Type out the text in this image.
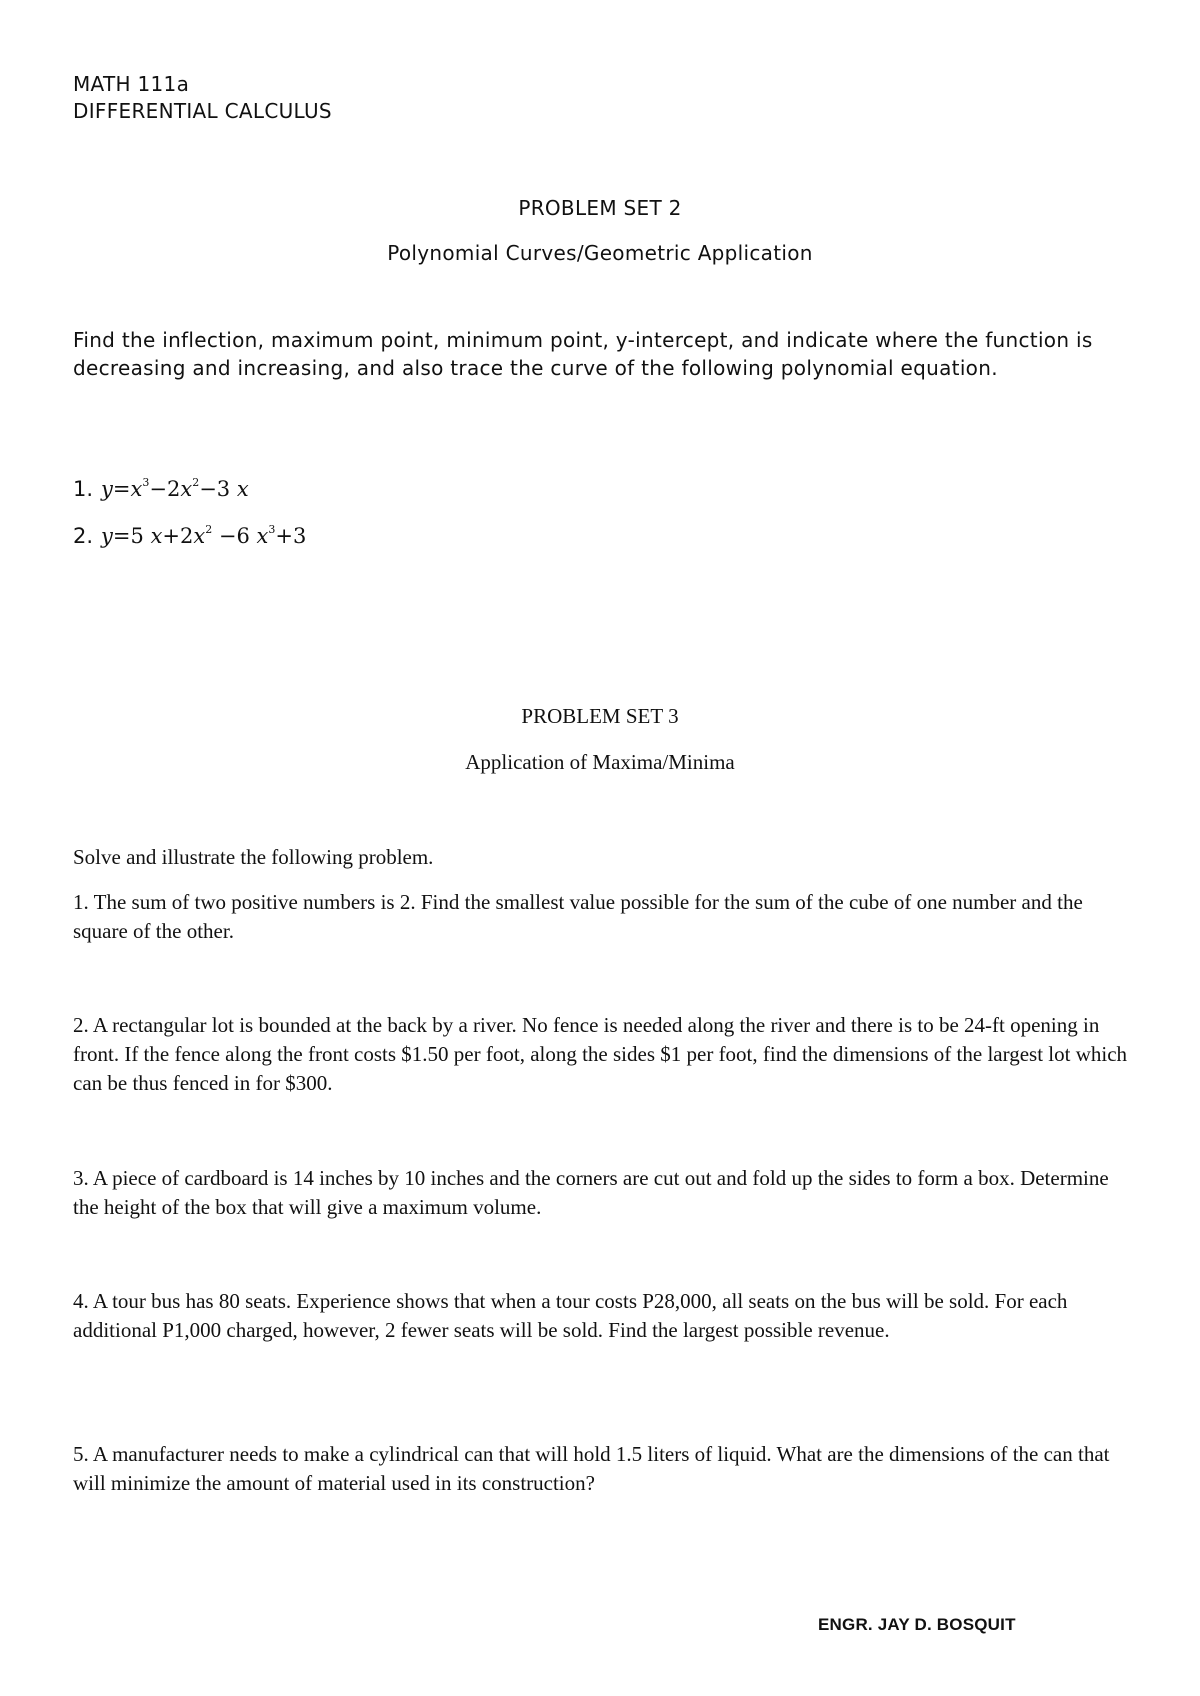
MATH 111a
DIFFERENTIAL CALCULUS
PROBLEM SET 2
Polynomial Curves/Geometric Application
Find the inflection, maximum point, minimum point, y-intercept, and indicate where the function is decreasing and increasing, and also trace the curve of the following polynomial equation.
1. $y=x^3-2x^2-3$ x
2. y=5 $x+2x^2 -6$ $x^3+3$
PROBLEM SET 3
Application of Maxima/Minima
Solve and illustrate the following problem.
1. The sum of two positive numbers is 2. Find the smallest value possible for the sum of the cube of one number and the square of the other.
2. A rectangular lot is bounded at the back by a river. No fence is needed along the river and there is to be 24-ft opening in front. If the fence along the front costs $1.50 per foot, along the sides $1 per foot, find the dimensions of the largest lot which can be thus fenced in for $300.
3. A piece of cardboard is 14 inches by 10 inches and the corners are cut out and fold up the sides to form a box. Determine the height of the box that will give a maximum volume.
4. A tour bus has 80 seats. Experience shows that when a tour costs P28,000, all seats on the bus will be sold. For each additional P1,000 charged, however, 2 fewer seats will be sold. Find the largest possible revenue.
5. A manufacturer needs to make a cylindrical can that will hold 1.5 liters of liquid. What are the dimensions of the can that will minimize the amount of material used in its construction?
ENGR. JAY D. BOSQUIT
